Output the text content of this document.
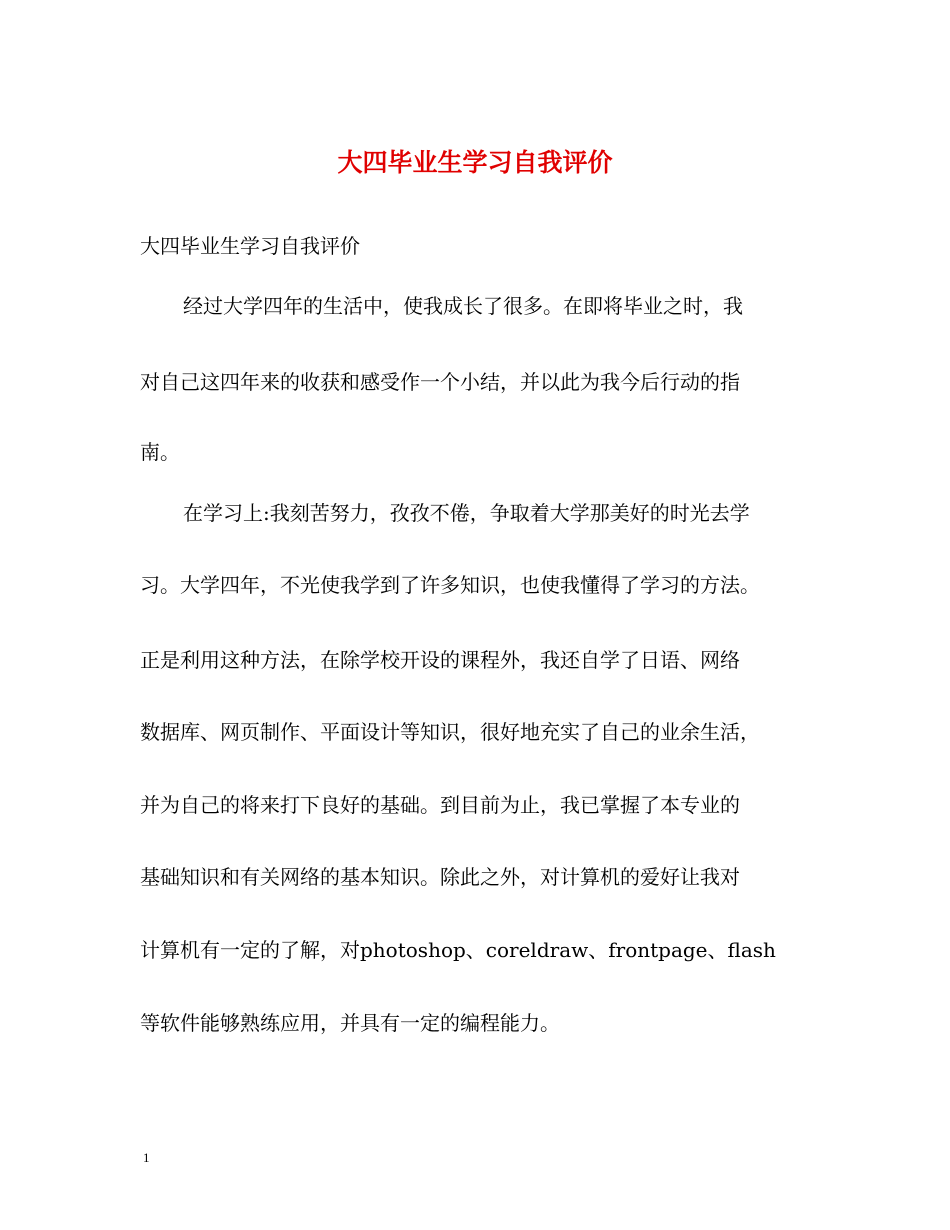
大四毕业生学习自我评价

大四毕业生学习自我评价

经过大学四年的生活中，使我成长了很多。在即将毕业之时，我

对自己这四年来的收获和感受作一个小结，并以此为我今后行动的指

南。

在学习上:我刻苦努力，孜孜不倦，争取着大学那美好的时光去学

习。大学四年，不光使我学到了许多知识，也使我懂得了学习的方法。

正是利用这种方法，在除学校开设的课程外，我还自学了日语、网络

数据库、网页制作、平面设计等知识，很好地充实了自己的业余生活，

并为自己的将来打下良好的基础。到目前为止，我已掌握了本专业的

基础知识和有关网络的基本知识。除此之外，对计算机的爱好让我对

计算机有一定的了解，对photoshop、coreldraw、frontpage、flash

等软件能够熟练应用，并具有一定的编程能力。

1
